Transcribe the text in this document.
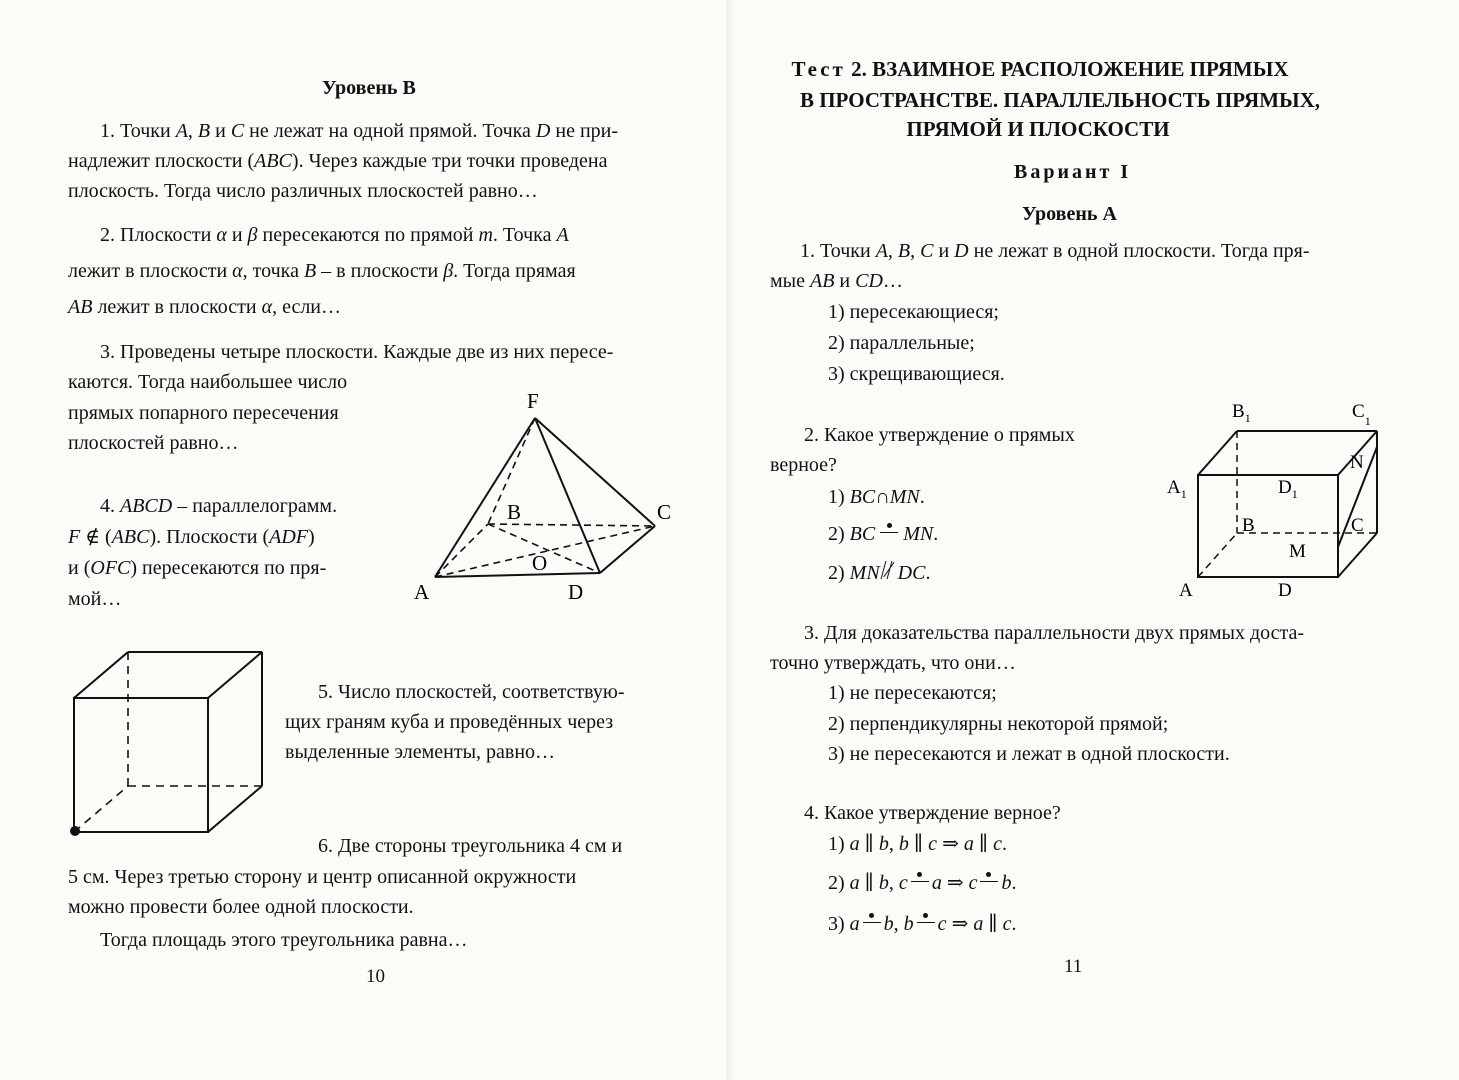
Уровень В
1. Точки A, B и C не лежат на одной прямой. Точка D не при-
надлежит плоскости (ABC). Через каждые три точки проведена
плоскость. Тогда число различных плоскостей равно…
2. Плоскости α и β пересекаются по прямой m. Точка A
лежит в плоскости α, точка B – в плоскости β. Тогда прямая
AB лежит в плоскости α, если…
3. Проведены четыре плоскости. Каждые две из них пересе-
каются. Тогда наибольшее число
прямых попарного пересечения
плоскостей равно…
4. ABCD – параллелограмм.
F ∉ (ABC). Плоскости (ADF)
и (OFC) пересекаются по пря-
мой…
F
B	C
O
A	D
5. Число плоскостей, соответствую-
щих граням куба и проведённых через
выделенные элементы, равно…
6. Две стороны треугольника 4 см и
5 см. Через третью сторону и центр описанной окружности
можно провести более одной плоскости.
Тогда площадь этого треугольника равна…
10
Тест 2. ВЗАИМНОЕ РАСПОЛОЖЕНИЕ ПРЯМЫХ
В ПРОСТРАНСТВЕ. ПАРАЛЛЕЛЬНОСТЬ ПРЯМЫХ,
ПРЯМОЙ И ПЛОСКОСТИ
Вариант I
Уровень А
1. Точки A, B, C и D не лежат в одной плоскости. Тогда пря-
мые AB и CD…
1) пересекающиеся;
2) параллельные;
3) скрещивающиеся.
2. Какое утверждение о прямых
верное?
1) BC∩MN.
2) BC MN.
2) MN DC.
$B_1$	$C_1$
N
$A_1$	$D_1$
B	C
M
A	D
3. Для доказательства параллельности двух прямых доста-
точно утверждать, что они…
1) не пересекаются;
2) перпендикулярны некоторой прямой;
3) не пересекаются и лежат в одной плоскости.
4. Какое утверждение верное?
1) a ∥ b, b ∥ c ⇒ a ∥ c.
2) a ∥ b, c a ⇒ c b.
3) a b, b c ⇒ a ∥ c.
11
